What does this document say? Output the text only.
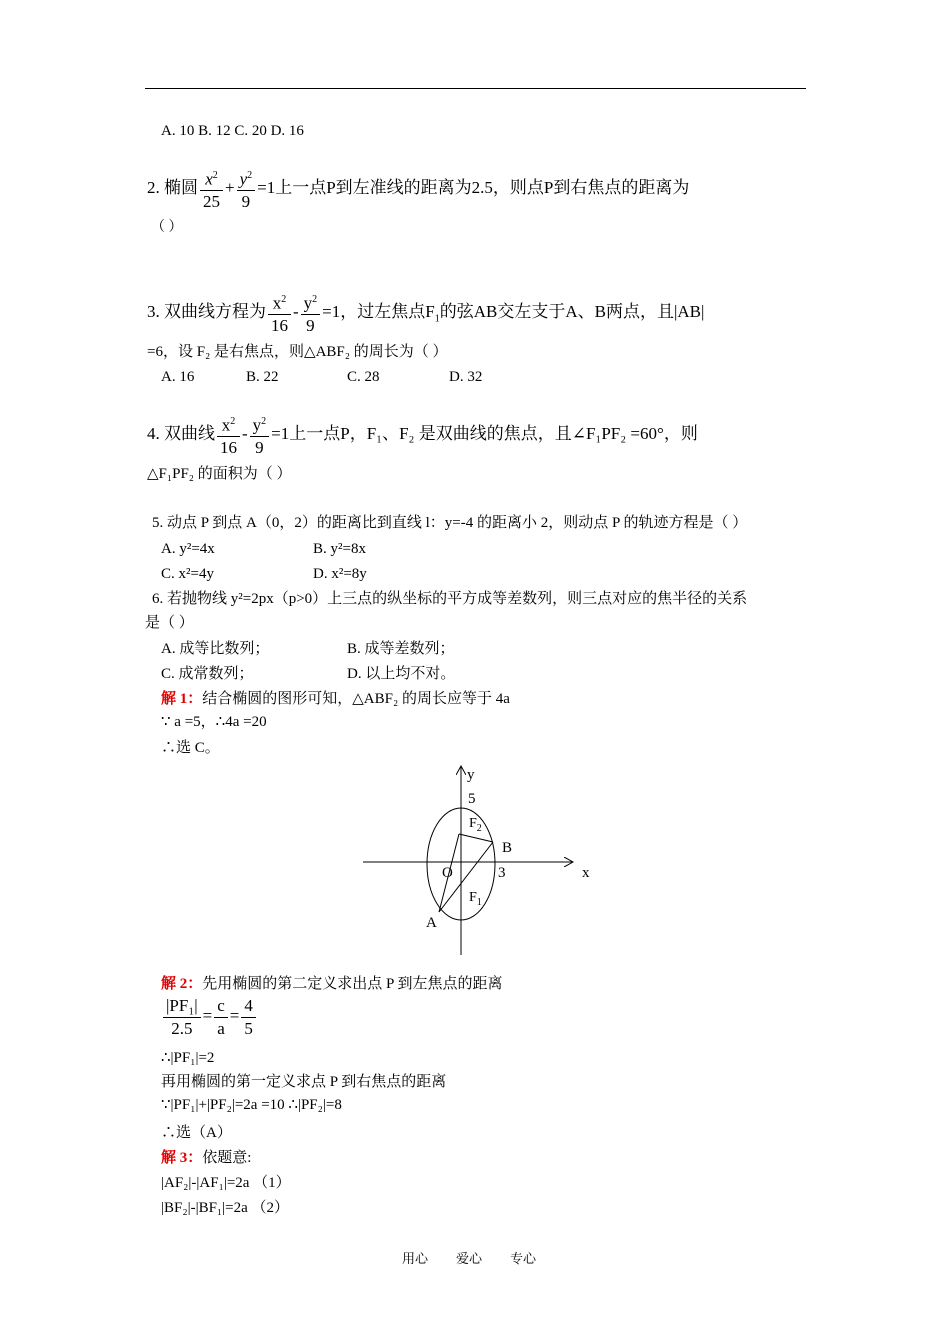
A. 10 B. 12 C. 20 D. 16
2. 椭圆 $\frac{x^2}{25} + \frac{y^2}{9} =1$上一点P到左准线的距离为2.5，则点P到右焦点的距离为
（ ）
3. 双曲线方程为 $\frac{x^2}{16} - \frac{y^2}{9} =1$，过左焦点$F_1$的弦AB交左支于A、B两点，且|AB|
=6，设 F₂ 是右焦点，则△ABF₂ 的周长为（ ）
A. 16	B. 22	C. 28	D. 32
4. 双曲线 $\frac{x^2}{16} - \frac{y^2}{9} =1$上一点P，F₁、F₂ 是双曲线的焦点，且∠F₁PF₂ =60°，则
△F₁PF₂ 的面积为（ ）
5. 动点 P 到点 A（0，2）的距离比到直线 l：y=-4 的距离小 2，则动点 P 的轨迹方程是（ ）
A. y²=4x	B. y²=8x
C. x²=4y	D. x²=8y
6. 若抛物线 y²=2px（p>0）上三点的纵坐标的平方成等差数列，则三点对应的焦半径的关系
是（ ）
A. 成等比数列；	B. 成等差数列；
C. 成常数列；	D. 以上均不对。
解 1：结合椭圆的图形可知，△ABF₂ 的周长应等于 4a
∵ a =5，∴4a =20
∴选 C。
y
5
$F_2$
B
O	3	x
$F_1$
A
解 2：先用椭圆的第二定义求出点 P 到左焦点的距离
$\frac{\text{|PF₁|}}{2.5} = \frac{c}{a} = \frac{4}{5}$
∴|PF₁|=2
再用椭圆的第一定义求点 P 到右焦点的距离
∵|PF₁|+|PF₂|=2a =10 ∴|PF₂|=8
∴选（A）
解 3：依题意:
|AF₂|-|AF₁|=2a （1）
|BF₂|-|BF₁|=2a （2）
用心 爱心 专心
